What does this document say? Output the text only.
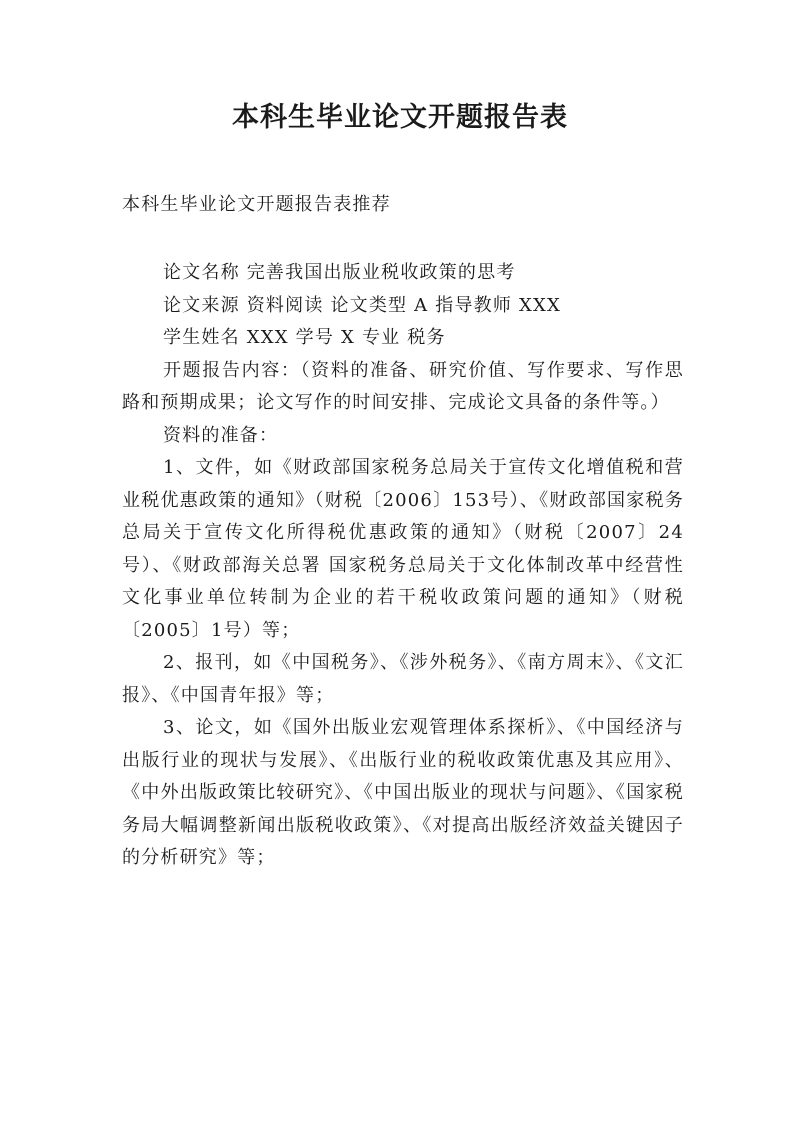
本科生毕业论文开题报告表

本科生毕业论文开题报告表推荐

论文名称 完善我国出版业税收政策的思考

论文来源 资料阅读 论文类型 A 指导教师 XXX

学生姓名 XXX 学号 X 专业 税务

开题报告内容：（资料的准备、研究价值、写作要求、写作思路和预期成果；论文写作的时间安排、完成论文具备的条件等。）

资料的准备：

1、文件，如《财政部国家税务总局关于宣传文化增值税和营业税优惠政策的通知》（财税〔2006〕153号）、《财政部国家税务总局关于宣传文化所得税优惠政策的通知》（财税〔2007〕24号）、《财政部海关总署 国家税务总局关于文化体制改革中经营性文化事业单位转制为企业的若干税收政策问题的通知》（财税〔2005〕1号）等；

2、报刊，如《中国税务》、《涉外税务》、《南方周末》、《文汇报》、《中国青年报》等；

3、论文，如《国外出版业宏观管理体系探析》、《中国经济与出版行业的现状与发展》、《出版行业的税收政策优惠及其应用》、《中外出版政策比较研究》、《中国出版业的现状与问题》、《国家税务局大幅调整新闻出版税收政策》、《对提高出版经济效益关键因子的分析研究》等；
